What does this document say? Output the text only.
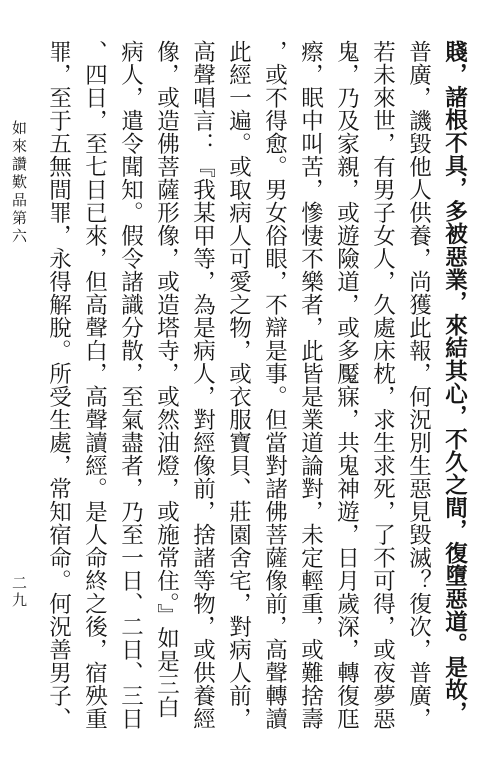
賤，諸根不具，多被惡業，來結其心，不久之間，復墮惡道。是故，
普廣，譏毀他人供養，尚獲此報，何況別生惡見毀滅？復次，普廣，
若未來世，有男子女人，久處床枕，求生求死，了不可得，或夜夢惡
鬼，乃及家親，或遊險道，或多魘寐，共鬼神遊，日月歲深，轉復尫
瘵，眠中叫苦，慘悽不樂者，此皆是業道論對，未定輕重，或難捨壽
，或不得愈。男女俗眼，不辯是事。但當對諸佛菩薩像前，高聲轉讀
此經一遍。或取病人可愛之物，或衣服寶貝、莊園舍宅，對病人前，
高聲唱言：『我某甲等，為是病人，對經像前，捨諸等物，或供養經
像，或造佛菩薩形像，或造塔寺，或然油燈，或施常住。』如是三白
病人，遣令聞知。假令諸識分散，至氣盡者，乃至一日、二日、三日
、四日，至七日已來，但高聲白，高聲讀經。是人命終之後，宿殃重
罪，至于五無間罪，永得解脫。所受生處，常知宿命。何況善男子、
如來讚歎品第六
二九
